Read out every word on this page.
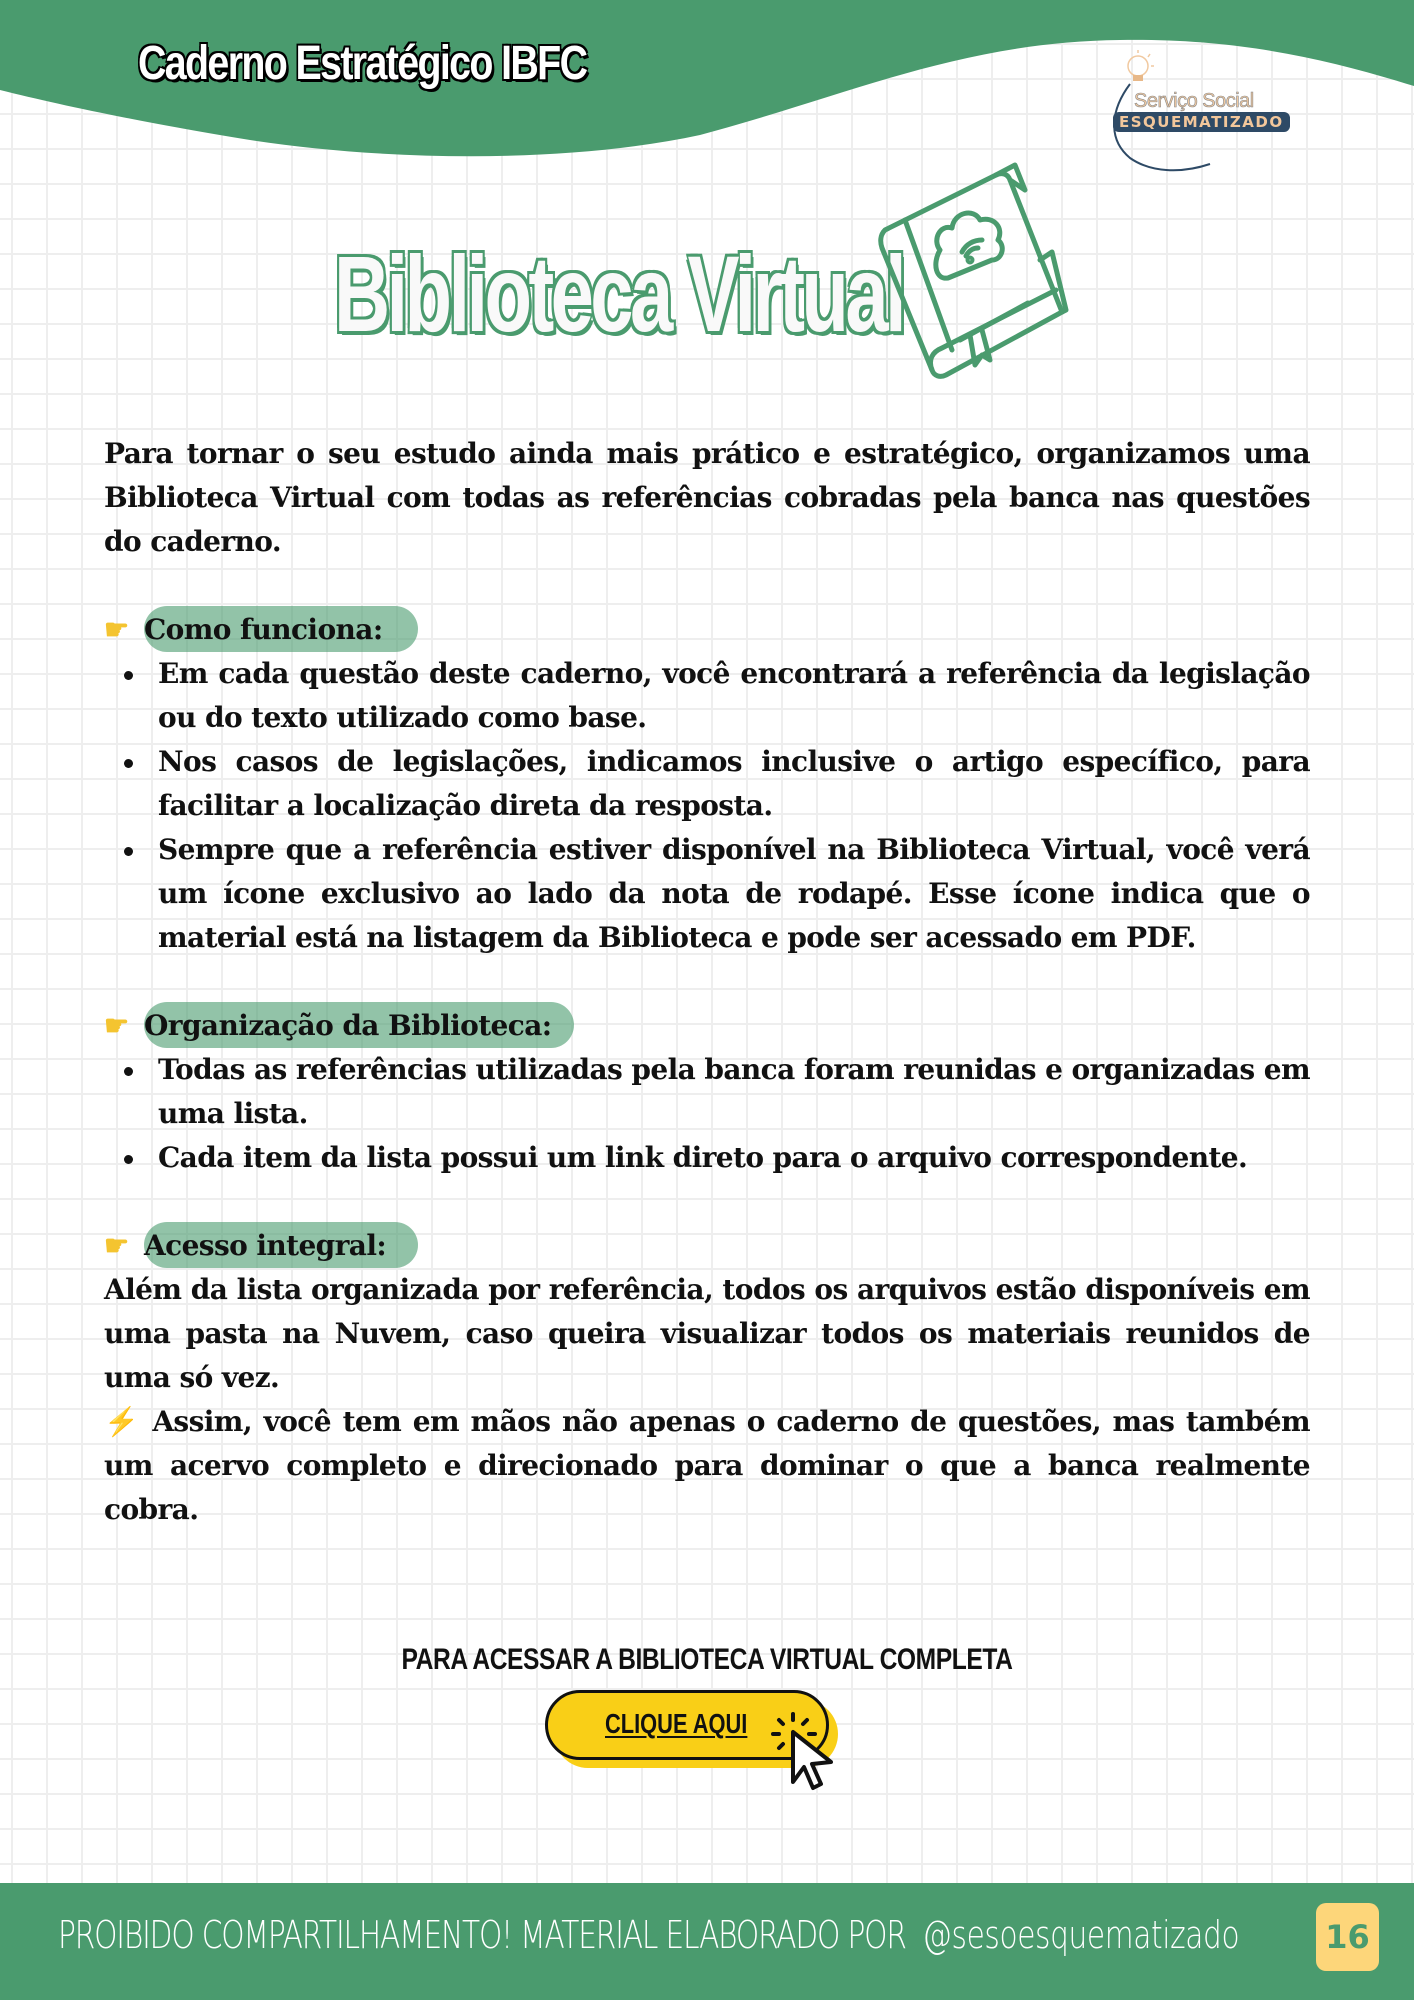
Caderno Estratégico IBFC
Serviço Social
ESQUEMATIZADO
Biblioteca Virtual

Para tornar o seu estudo ainda mais prático e estratégico, organizamos uma Biblioteca Virtual com todas as referências cobradas pela banca nas questões do caderno.

☛ Como funciona:
Em cada questão deste caderno, você encontrará a referência da legislação ou do texto utilizado como base.
Nos casos de legislações, indicamos inclusive o artigo específico, para facilitar a localização direta da resposta.
Sempre que a referência estiver disponível na Biblioteca Virtual, você verá um ícone exclusivo ao lado da nota de rodapé. Esse ícone indica que o material está na listagem da Biblioteca e pode ser acessado em PDF.
☛ Organização da Biblioteca:
Todas as referências utilizadas pela banca foram reunidas e organizadas em uma lista.
Cada item da lista possui um link direto para o arquivo correspondente.
☛ Acesso integral:

Além da lista organizada por referência, todos os arquivos estão disponíveis em uma pasta na Nuvem, caso queira visualizar todos os materiais reunidos de uma só vez.

⚡ Assim, você tem em mãos não apenas o caderno de questões, mas também um acervo completo e direcionado para dominar o que a banca realmente cobra.

PARA ACESSAR A BIBLIOTECA VIRTUAL COMPLETA
CLIQUE AQUI
PROIBIDO COMPARTILHAMENTO! MATERIAL ELABORADO POR @sesoesquematizado	16
